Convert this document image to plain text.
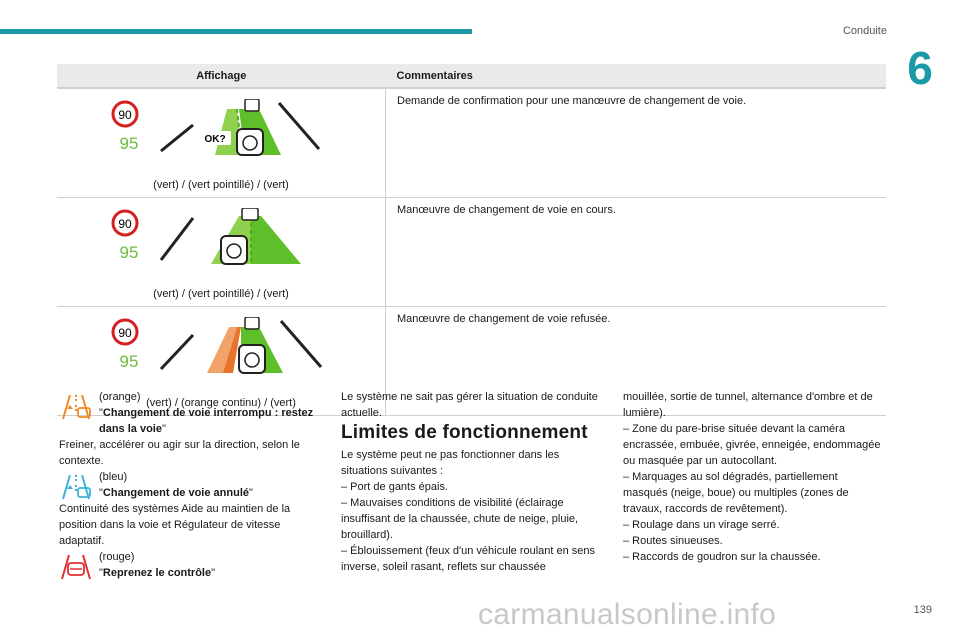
Conduite
6
Affichage	Commentaires

90
95 OK?
(vert) / (vert pointillé) / (vert)	Demande de confirmation pour une manœuvre de changement de voie.

90
95
(vert) / (vert pointillé) / (vert)	Manœuvre de changement de voie en cours.

90
95
(vert) / (orange continu) / (vert)	Manœuvre de changement de voie refusée.

(orange)

"Changement de voie interrompu : restez dans la voie"

Freiner, accélérer ou agir sur la direction, selon le contexte.

(bleu)

"Changement de voie annulé"

Continuité des systèmes Aide au maintien de la position dans la voie et Régulateur de vitesse adaptatif.

(rouge)

"Reprenez le contrôle"

Le système ne sait pas gérer la situation de conduite actuelle.

Limites de fonctionnement

Le système peut ne pas fonctionner dans les situations suivantes :

– Port de gants épais.

– Mauvaises conditions de visibilité (éclairage insuffisant de la chaussée, chute de neige, pluie, brouillard).

– Éblouissement (feux d'un véhicule roulant en sens inverse, soleil rasant, reflets sur chaussée

mouillée, sortie de tunnel, alternance d'ombre et de lumière).

– Zone du pare-brise située devant la caméra encrassée, embuée, givrée, enneigée, endommagée ou masquée par un autocollant.

– Marquages au sol dégradés, partiellement masqués (neige, boue) ou multiples (zones de travaux, raccords de revêtement).

– Roulage dans un virage serré.

– Routes sinueuses.

– Raccords de goudron sur la chaussée.

carmanualsonline.info	139
